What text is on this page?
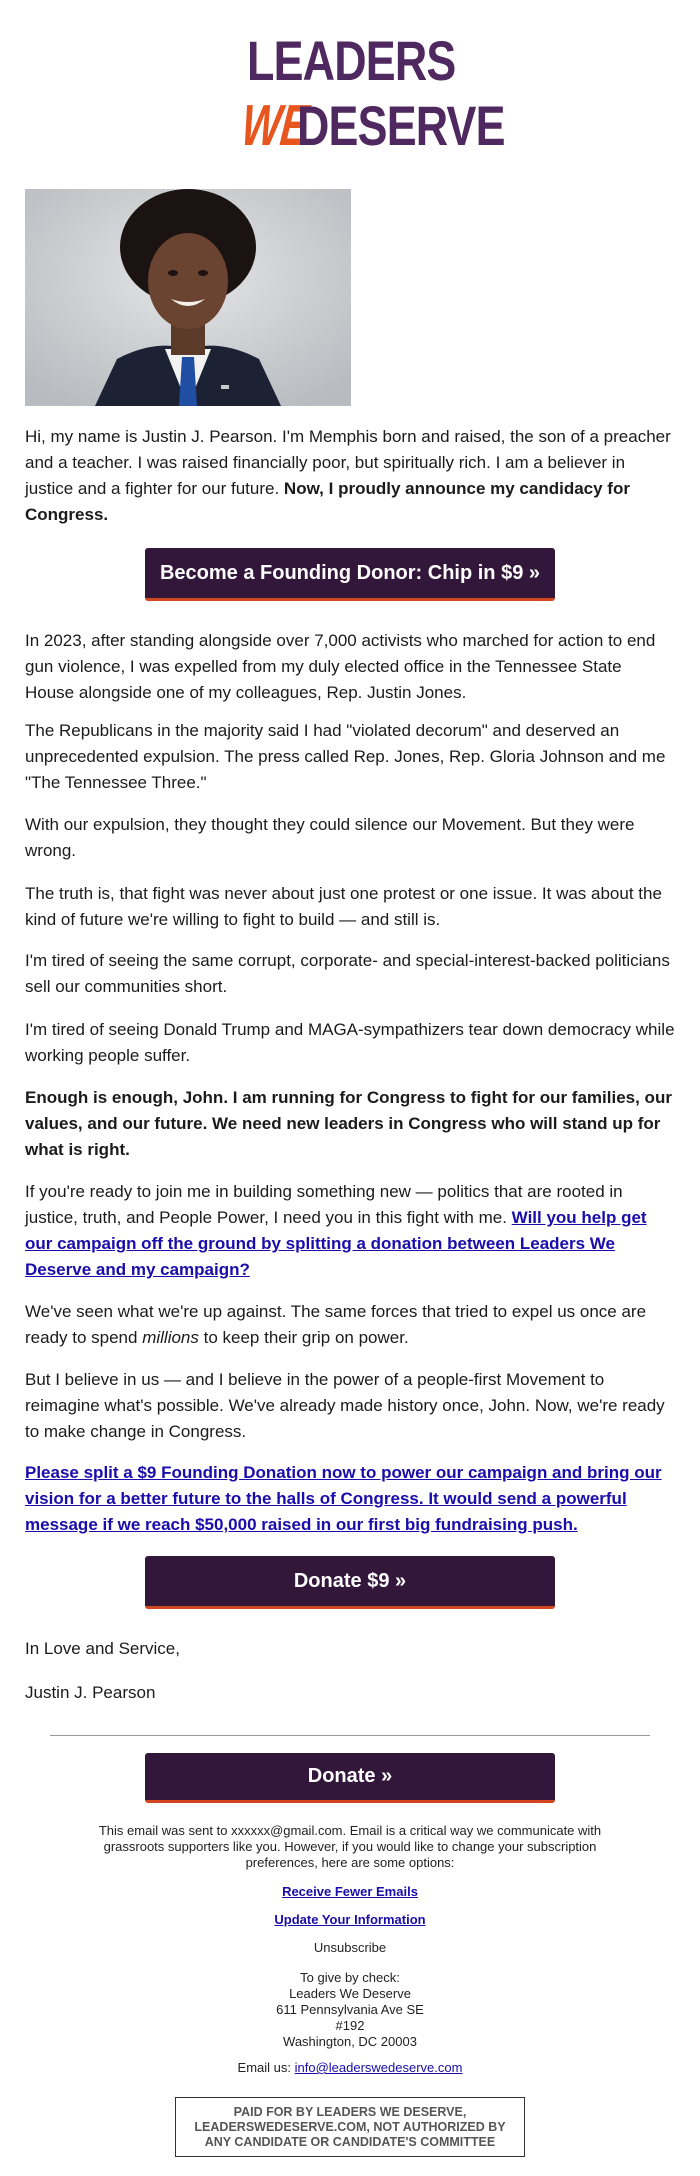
LEADERS
WE
DESERVE

Hi, my name is Justin J. Pearson. I'm Memphis born and raised, the son of a preacher and a teacher. I was raised financially poor, but spiritually rich. I am a believer in justice and a fighter for our future. Now, I proudly announce my candidacy for Congress.

Become a Founding Donor: Chip in $9 »

In 2023, after standing alongside over 7,000 activists who marched for action to end gun violence, I was expelled from my duly elected office in the Tennessee State House alongside one of my colleagues, Rep. Justin Jones.

The Republicans in the majority said I had "violated decorum" and deserved an unprecedented expulsion. The press called Rep. Jones, Rep. Gloria Johnson and me "The Tennessee Three."

With our expulsion, they thought they could silence our Movement. But they were wrong.

The truth is, that fight was never about just one protest or one issue. It was about the kind of future we're willing to fight to build — and still is.

I'm tired of seeing the same corrupt, corporate- and special-interest-backed politicians sell our communities short.

I'm tired of seeing Donald Trump and MAGA-sympathizers tear down democracy while working people suffer.

Enough is enough, John. I am running for Congress to fight for our families, our values, and our future. We need new leaders in Congress who will stand up for what is right.

If you're ready to join me in building something new — politics that are rooted in justice, truth, and People Power, I need you in this fight with me. Will you help get our campaign off the ground by splitting a donation between Leaders We Deserve and my campaign?

We've seen what we're up against. The same forces that tried to expel us once are ready to spend millions to keep their grip on power.

But I believe in us — and I believe in the power of a people-first Movement to reimagine what's possible. We've already made history once, John. Now, we're ready to make change in Congress.

Please split a $9 Founding Donation now to power our campaign and bring our vision for a better future to the halls of Congress. It would send a powerful message if we reach $50,000 raised in our first big fundraising push.

Donate $9 »

In Love and Service,

Justin J. Pearson

Donate »
This email was sent to xxxxxx@gmail.com. Email is a critical way we communicate with grassroots supporters like you. However, if you would like to change your subscription preferences, here are some options:
Receive Fewer Emails
Update Your Information
Unsubscribe
To give by check:
Leaders We Deserve
611 Pennsylvania Ave SE
#192
Washington, DC 20003
Email us: info@leaderswedeserve.com
PAID FOR BY LEADERS WE DESERVE, LEADERSWEDESERVE.COM, NOT AUTHORIZED BY ANY CANDIDATE OR CANDIDATE'S COMMITTEE
